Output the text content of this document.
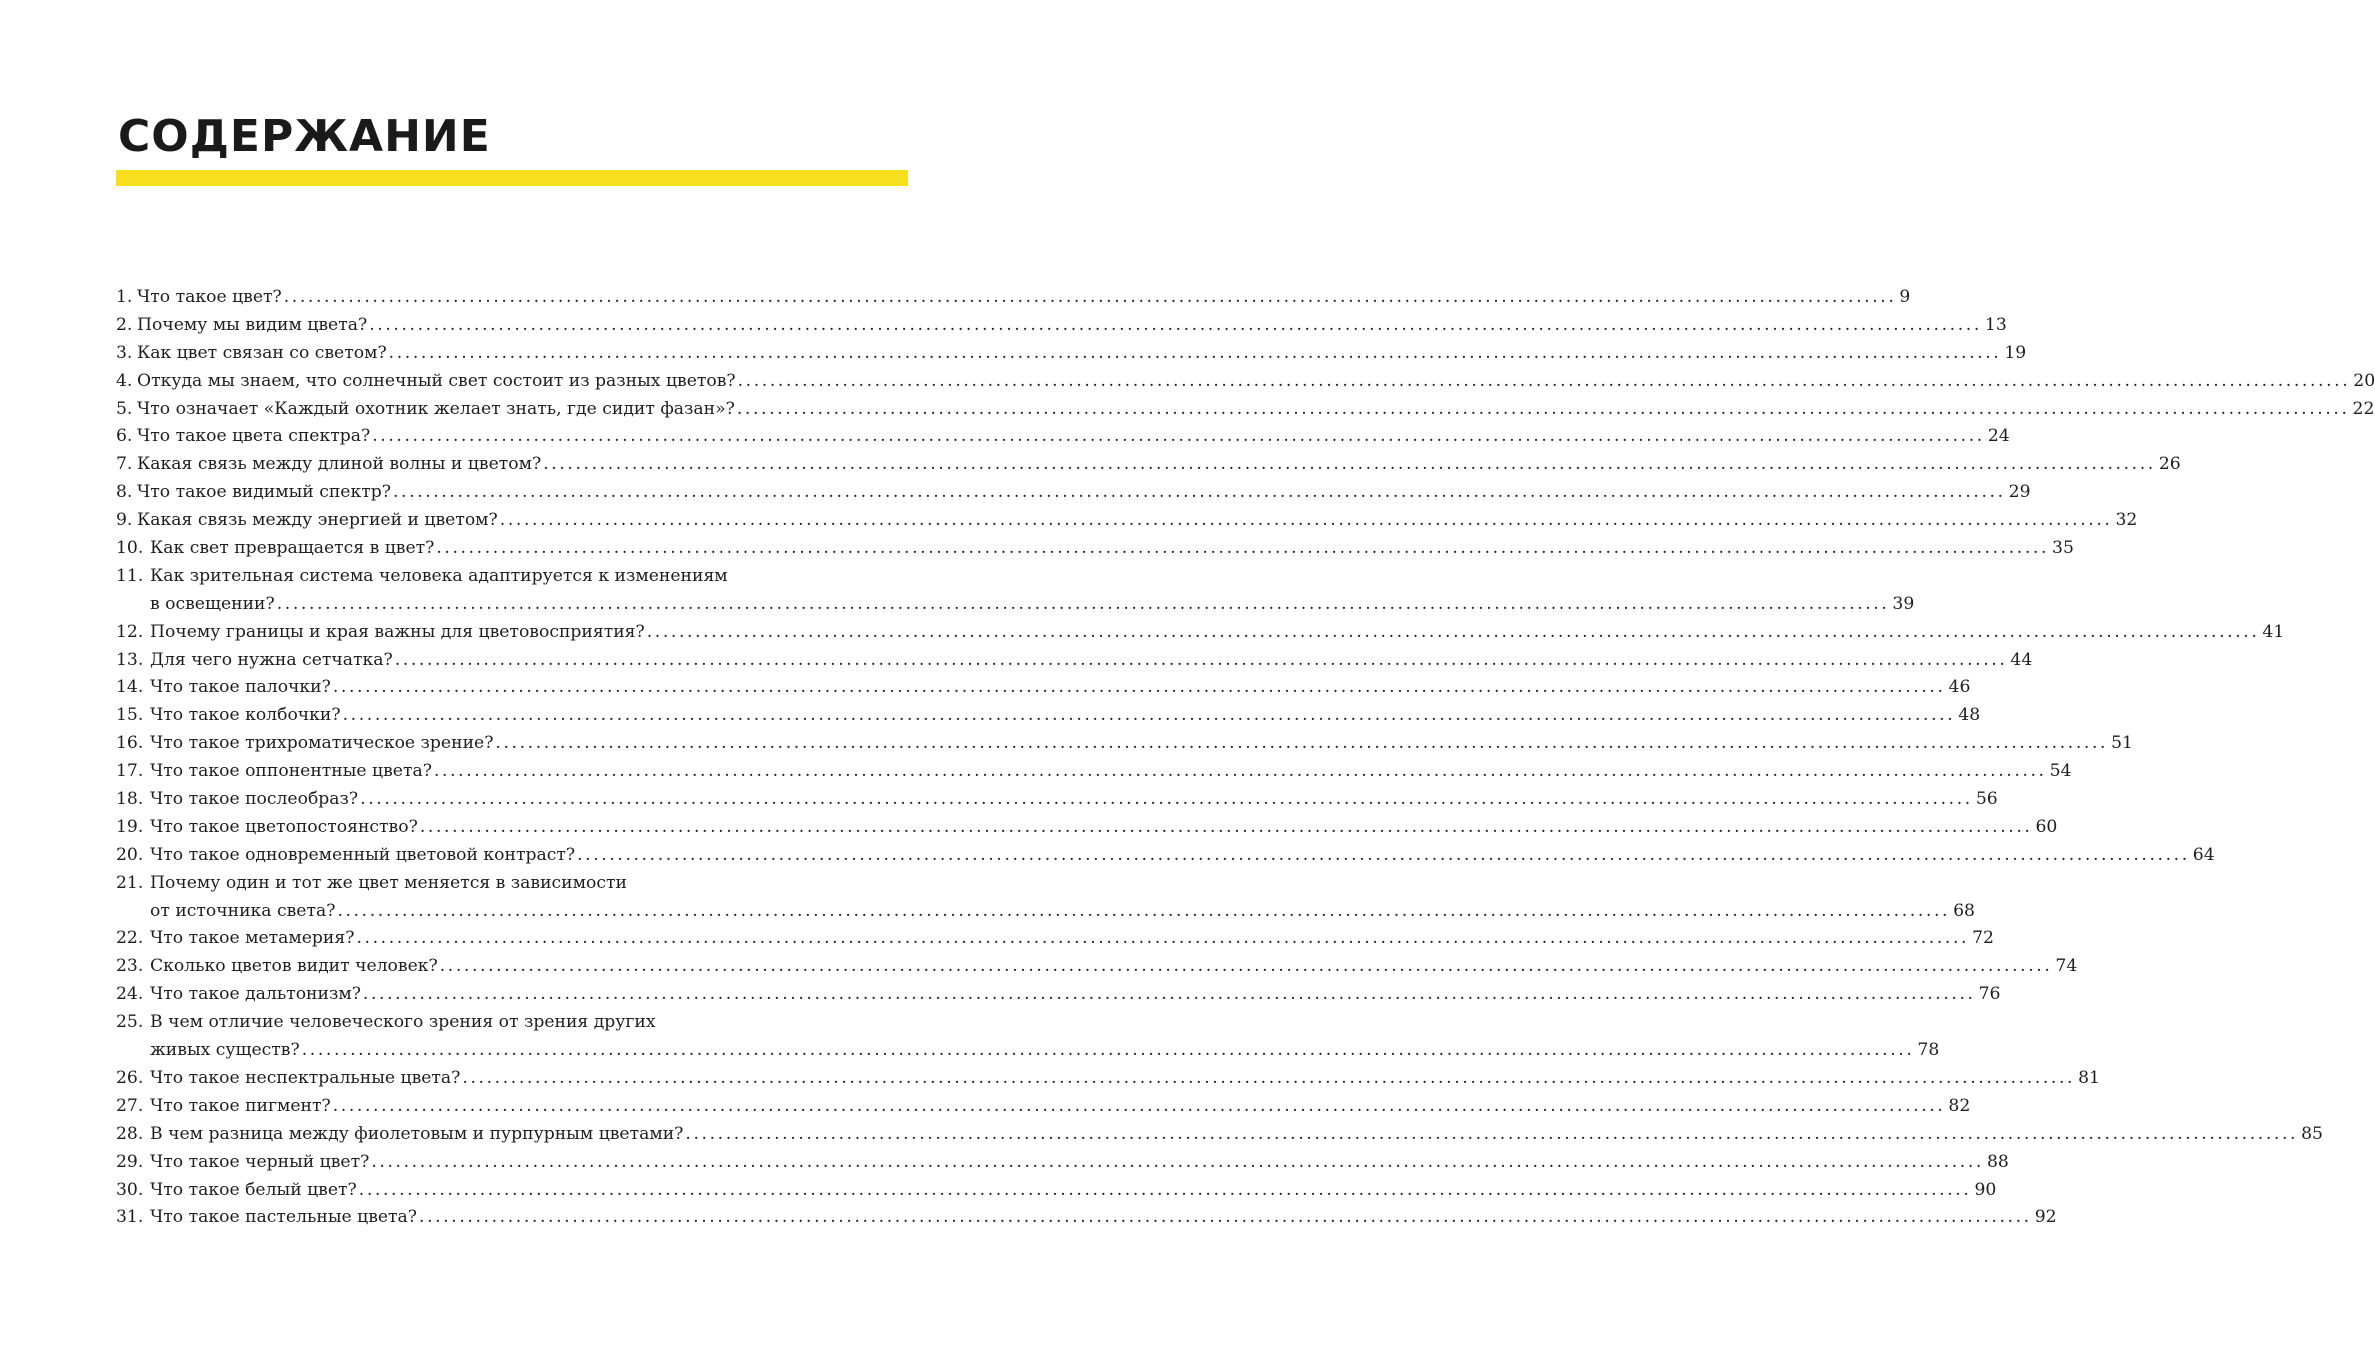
СОДЕРЖАНИЕ
1. Что такое цвет? ........................................................................................................................................................................................................ 9
2. Почему мы видим цвета? ........................................................................................................................................................................................................ 13
3. Как цвет связан со светом? ........................................................................................................................................................................................................ 19
4. Откуда мы знаем, что солнечный свет состоит из разных цветов? ........................................................................................................................................................................................................ 20
5. Что означает «Каждый охотник желает знать, где сидит фазан»? ........................................................................................................................................................................................................ 22
6. Что такое цвета спектра? ........................................................................................................................................................................................................ 24
7. Какая связь между длиной волны и цветом? ........................................................................................................................................................................................................ 26
8. Что такое видимый спектр? ........................................................................................................................................................................................................ 29
9. Какая связь между энергией и цветом? ........................................................................................................................................................................................................ 32
10. Как свет превращается в цвет? ........................................................................................................................................................................................................ 35
11. Как зрительная система человека адаптируется к изменениям
в освещении? ........................................................................................................................................................................................................ 39
12. Почему границы и края важны для цветовосприятия? ........................................................................................................................................................................................................ 41
13. Для чего нужна сетчатка? ........................................................................................................................................................................................................ 44
14. Что такое палочки? ........................................................................................................................................................................................................ 46
15. Что такое колбочки? ........................................................................................................................................................................................................ 48
16. Что такое трихроматическое зрение? ........................................................................................................................................................................................................ 51
17. Что такое оппонентные цвета? ........................................................................................................................................................................................................ 54
18. Что такое послеобраз? ........................................................................................................................................................................................................ 56
19. Что такое цветопостоянство? ........................................................................................................................................................................................................ 60
20. Что такое одновременный цветовой контраст? ........................................................................................................................................................................................................ 64
21. Почему один и тот же цвет меняется в зависимости
от источника света? ........................................................................................................................................................................................................ 68
22. Что такое метамерия? ........................................................................................................................................................................................................ 72
23. Сколько цветов видит человек? ........................................................................................................................................................................................................ 74
24. Что такое дальтонизм? ........................................................................................................................................................................................................ 76
25. В чем отличие человеческого зрения от зрения других
живых существ? ........................................................................................................................................................................................................ 78
26. Что такое неспектральные цвета? ........................................................................................................................................................................................................ 81
27. Что такое пигмент? ........................................................................................................................................................................................................ 82
28. В чем разница между фиолетовым и пурпурным цветами? ........................................................................................................................................................................................................ 85
29. Что такое черный цвет? ........................................................................................................................................................................................................ 88
30. Что такое белый цвет? ........................................................................................................................................................................................................ 90
31. Что такое пастельные цвета? ........................................................................................................................................................................................................ 92
